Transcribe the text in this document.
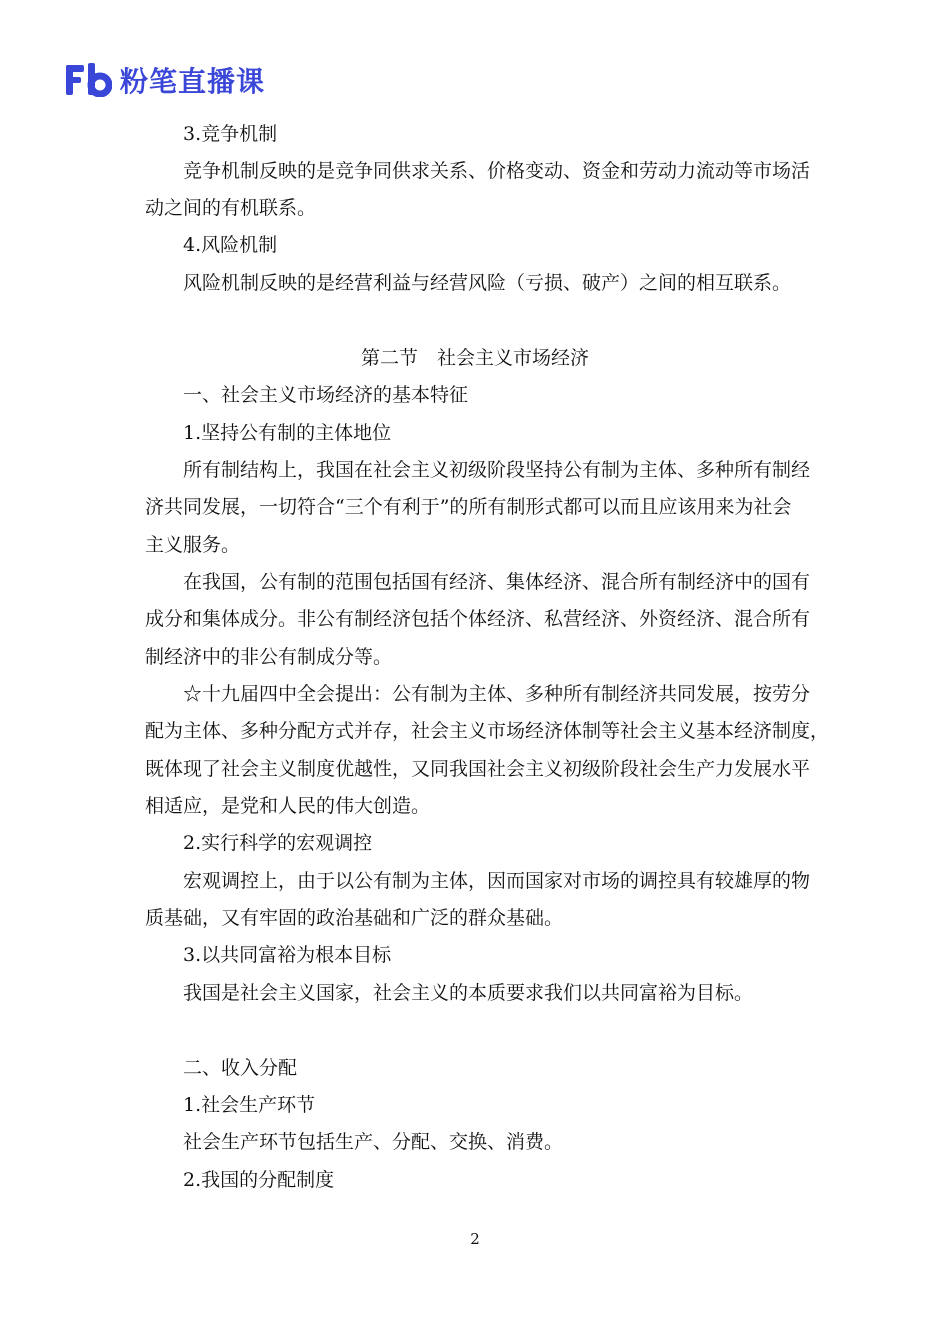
粉笔直播课
3.竞争机制
竞争机制反映的是竞争同供求关系、价格变动、资金和劳动力流动等市场活
动之间的有机联系。
4.风险机制
风险机制反映的是经营利益与经营风险（亏损、破产）之间的相互联系。
第二节　社会主义市场经济
一、社会主义市场经济的基本特征
1.坚持公有制的主体地位
所有制结构上，我国在社会主义初级阶段坚持公有制为主体、多种所有制经
济共同发展，一切符合“三个有利于”的所有制形式都可以而且应该用来为社会
主义服务。
在我国，公有制的范围包括国有经济、集体经济、混合所有制经济中的国有
成分和集体成分。非公有制经济包括个体经济、私营经济、外资经济、混合所有
制经济中的非公有制成分等。
☆十九届四中全会提出：公有制为主体、多种所有制经济共同发展，按劳分
配为主体、多种分配方式并存，社会主义市场经济体制等社会主义基本经济制度，
既体现了社会主义制度优越性，又同我国社会主义初级阶段社会生产力发展水平
相适应，是党和人民的伟大创造。
2.实行科学的宏观调控
宏观调控上，由于以公有制为主体，因而国家对市场的调控具有较雄厚的物
质基础，又有牢固的政治基础和广泛的群众基础。
3.以共同富裕为根本目标
我国是社会主义国家，社会主义的本质要求我们以共同富裕为目标。
二、收入分配
1.社会生产环节
社会生产环节包括生产、分配、交换、消费。
2.我国的分配制度
2
